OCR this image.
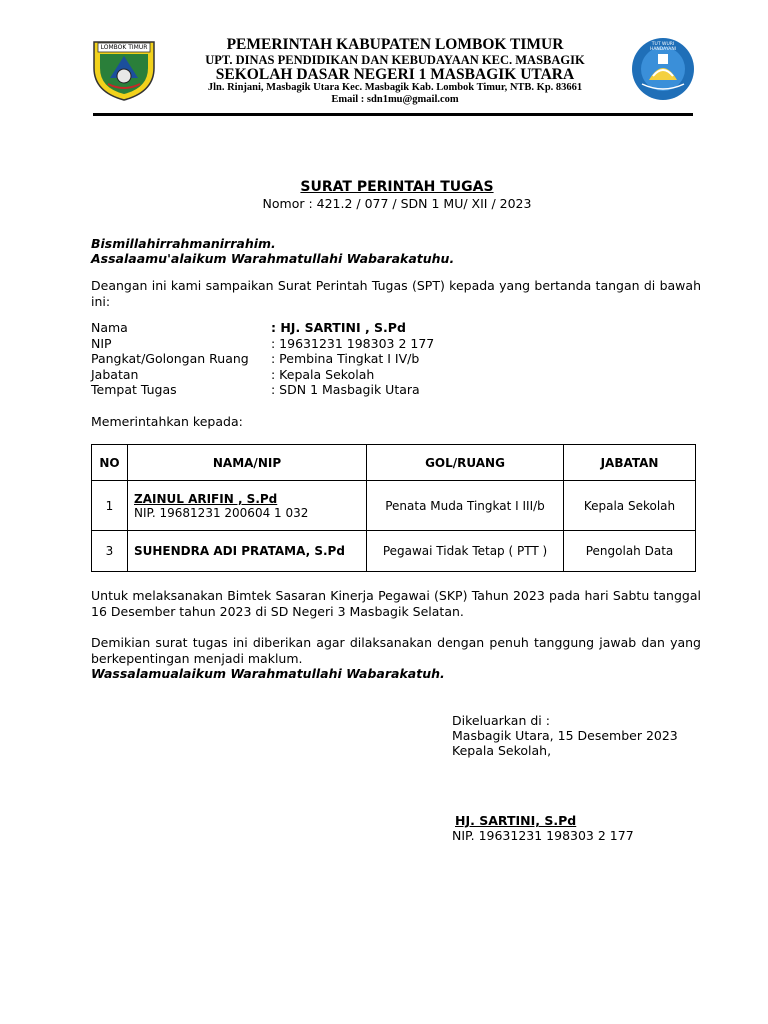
LOMBOK TIMUR	PEMERINTAH KABUPATEN LOMBOK TIMUR
UPT. DINAS PENDIDIKAN DAN KEBUDAYAAN KEC. MASBAGIK
SEKOLAH DASAR NEGERI 1 MASBAGIK UTARA
Jln. Rinjani, Masbagik Utara Kec. Masbagik Kab. Lombok Timur, NTB. Kp. 83661
Email : sdn1mu@gmail.com
TUT WURI HANDAYANI
SURAT PERINTAH TUGAS
Nomor : 421.2 / 077 / SDN 1 MU/ XII / 2023
Bismillahirrahmanirrahim.
Assalaamu'alaikum Warahmatullahi Wabarakatuhu.
Deangan ini kami sampaikan Surat Perintah Tugas (SPT) kepada yang bertanda tangan di bawah ini:
Nama	: HJ. SARTINI , S.Pd
NIP	: 19631231 198303 2 177
Pangkat/Golongan Ruang	: Pembina Tingkat I IV/b
Jabatan	: Kepala Sekolah
Tempat Tugas	: SDN 1 Masbagik Utara
Memerintahkan kepada:
NO	NAMA/NIP	GOL/RUANG	JABATAN
1	ZAINUL ARIFIN , S.Pd
NIP. 19681231 200604 1 032	Penata Muda Tingkat I III/b	Kepala Sekolah
3	SUHENDRA ADI PRATAMA, S.Pd	Pegawai Tidak Tetap ( PTT )	Pengolah Data
Untuk melaksanakan Bimtek Sasaran Kinerja Pegawai (SKP) Tahun 2023 pada hari Sabtu tanggal 16 Desember tahun 2023 di SD Negeri 3 Masbagik Selatan.
Demikian surat tugas ini diberikan agar dilaksanakan dengan penuh tanggung jawab dan yang berkepentingan menjadi maklum.
Wassalamualaikum Warahmatullahi Wabarakatuh.
Dikeluarkan di :
Masbagik Utara, 15 Desember 2023
Kepala Sekolah,
HJ. SARTINI, S.Pd
NIP. 19631231 198303 2 177
